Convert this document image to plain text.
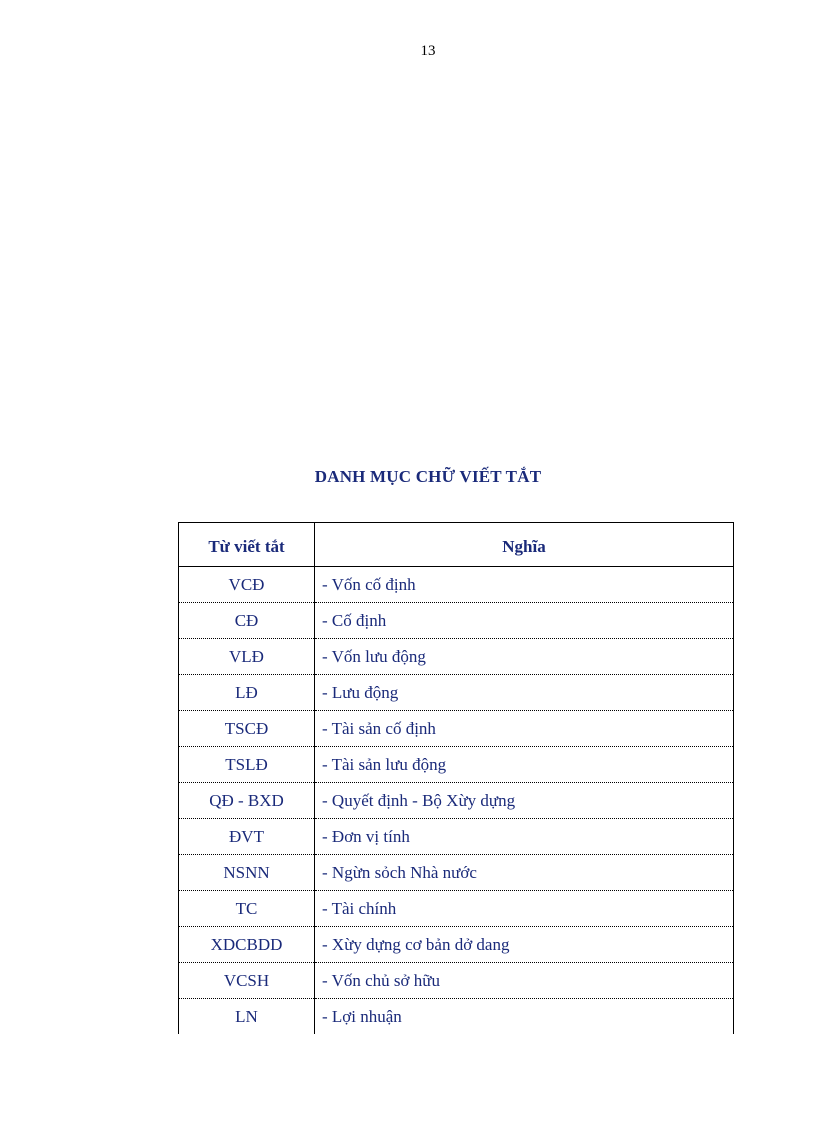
13
DANH MỤC CHỮ VIẾT TẮT
Từ viết tắt	Nghĩa
VCĐ	- Vốn cố định
CĐ	- Cố định
VLĐ	- Vốn lưu động
LĐ	- Lưu động
TSCĐ	- Tài sản cố định
TSLĐ	- Tài sản lưu động
QĐ - BXD	- Quyết định - Bộ Xừy dựng
ĐVT	- Đơn vị tính
NSNN	- Ngừn sỏch Nhà nước
TC	- Tài chính
XDCBDD	- Xừy dựng cơ bản dở dang
VCSH	- Vốn chủ sở hữu
LN	- Lợi nhuận
